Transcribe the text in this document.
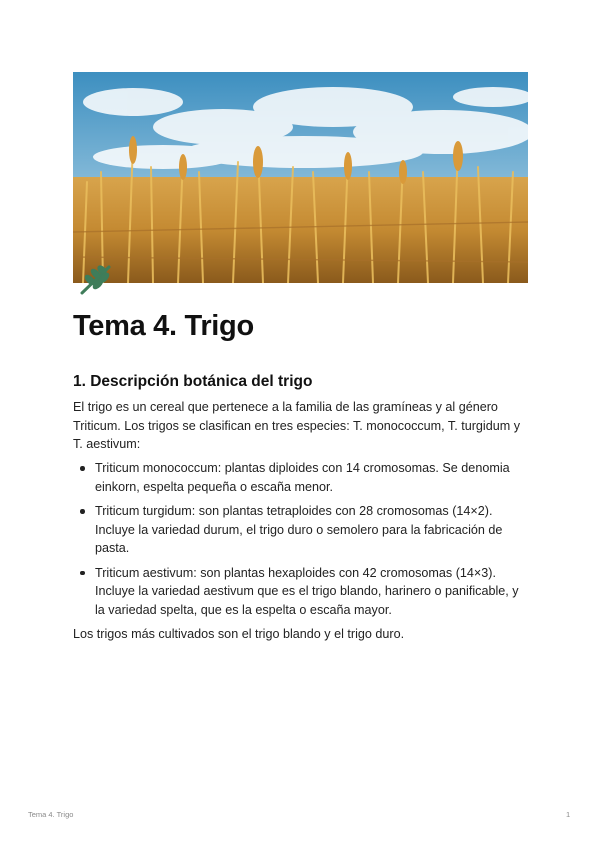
Tema 4. Trigo
1. Descripción botánica del trigo

El trigo es un cereal que pertenece a la familia de las gramíneas y al género Triticum. Los trigos se clasifican en tres especies: T. monococcum, T. turgidum y T. aestivum:

Triticum monococcum: plantas diploides con 14 cromosomas. Se denomia einkorn, espelta pequeña o escaña menor.
Triticum turgidum: son plantas tetraploides con 28 cromosomas (14×2). Incluye la variedad durum, el trigo duro o semolero para la fabricación de pasta.
Triticum aestivum: son plantas hexaploides con 42 cromosomas (14×3). Incluye la variedad aestivum que es el trigo blando, harinero o panificable, y la variedad spelta, que es la espelta o escaña mayor.

Los trigos más cultivados son el trigo blando y el trigo duro.

Tema 4. Trigo	1
